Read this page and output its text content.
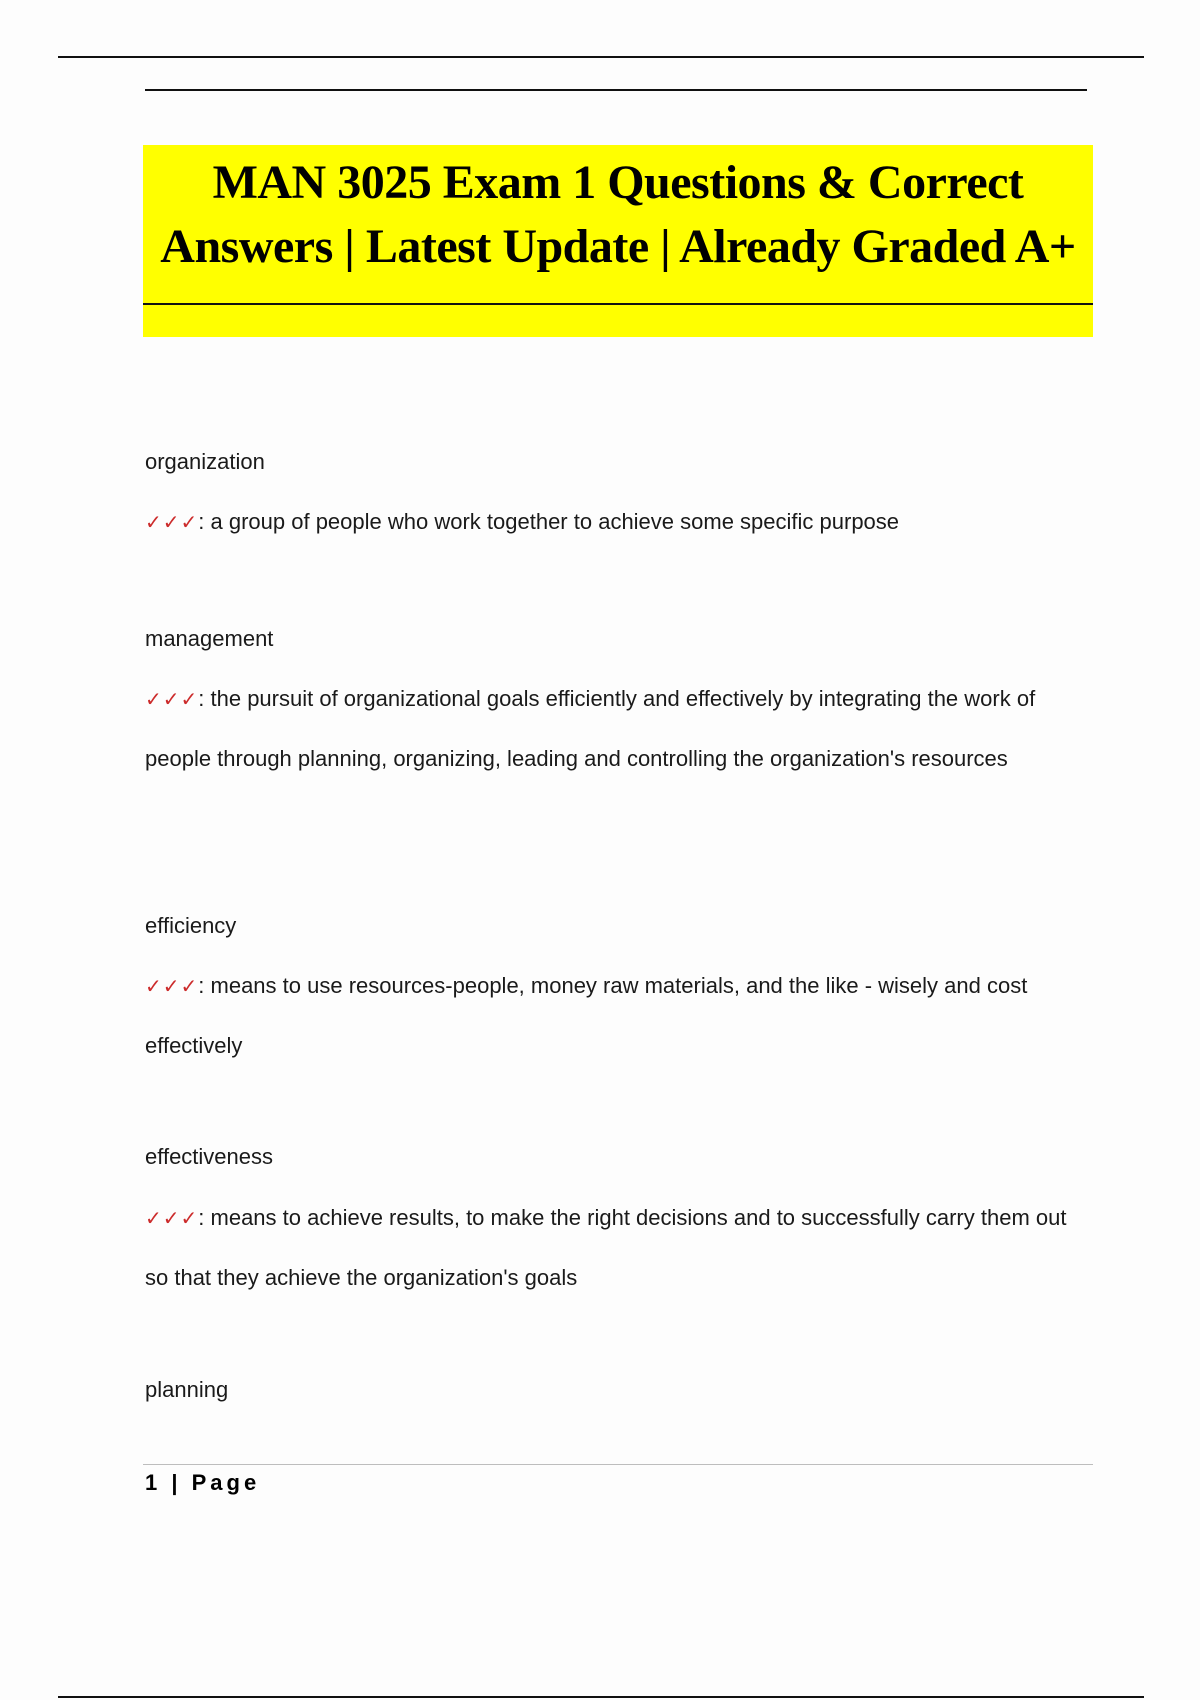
MAN 3025 Exam 1 Questions & Correct
Answers | Latest Update | Already Graded A+
organization
✓✓✓: a group of people who work together to achieve some specific purpose
management
✓✓✓: the pursuit of organizational goals efficiently and effectively by integrating the work of people through planning, organizing, leading and controlling the organization's resources
efficiency
✓✓✓: means to use resources-people, money raw materials, and the like - wisely and cost effectively
effectiveness
✓✓✓: means to achieve results, to make the right decisions and to successfully carry them out so that they achieve the organization's goals
planning
1 | Page
